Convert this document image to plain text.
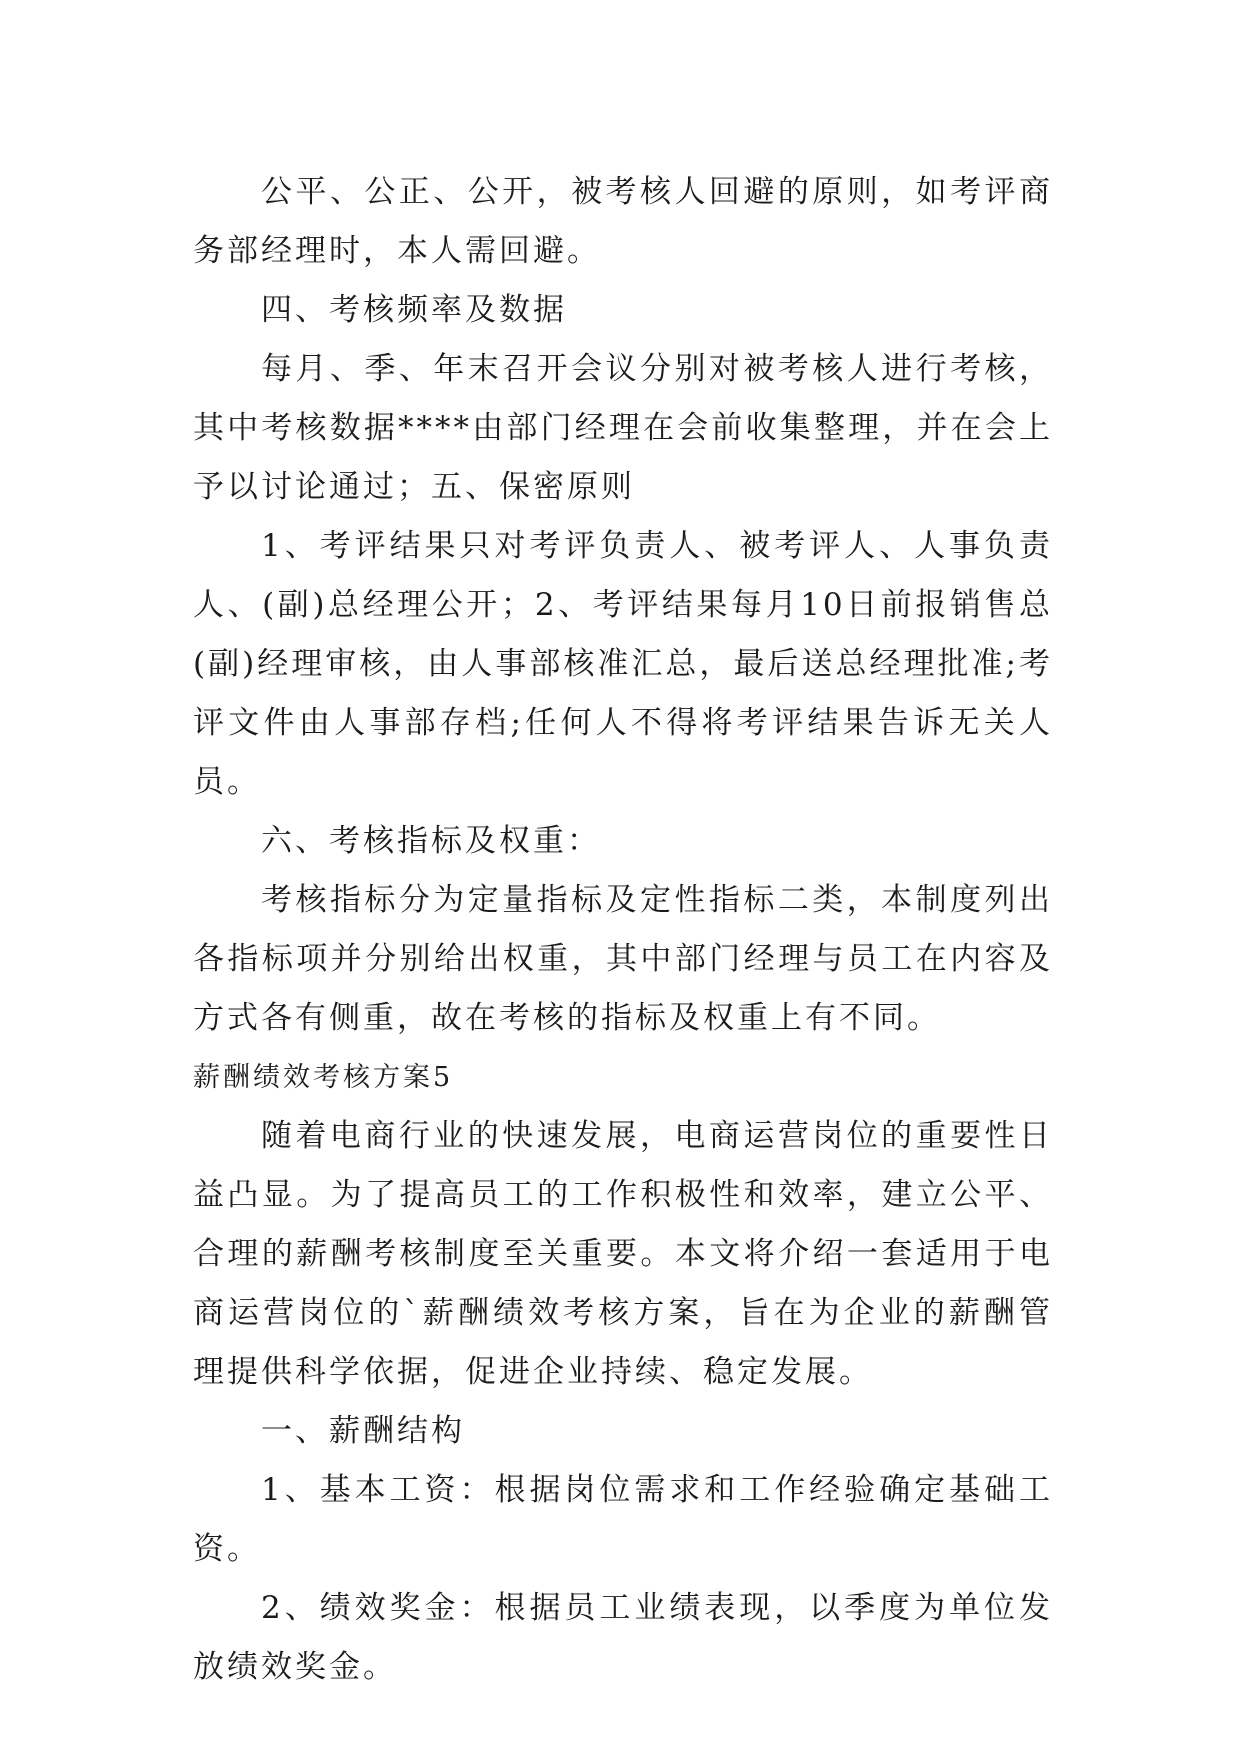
公平、公正、公开，被考核人回避的原则，如考评商务部经理时，本人需回避。

四、考核频率及数据

每月、季、年末召开会议分别对被考核人进行考核，其中考核数据****由部门经理在会前收集整理，并在会上予以讨论通过；五、保密原则

1、考评结果只对考评负责人、被考评人、人事负责人、(副)总经理公开；2、考评结果每月10日前报销售总(副)经理审核，由人事部核准汇总，最后送总经理批准;考评文件由人事部存档;任何人不得将考评结果告诉无关人员。

六、考核指标及权重：

考核指标分为定量指标及定性指标二类，本制度列出各指标项并分别给出权重，其中部门经理与员工在内容及方式各有侧重，故在考核的指标及权重上有不同。

薪酬绩效考核方案5

随着电商行业的快速发展，电商运营岗位的重要性日益凸显。为了提高员工的工作积极性和效率，建立公平、合理的薪酬考核制度至关重要。本文将介绍一套适用于电商运营岗位的`薪酬绩效考核方案，旨在为企业的薪酬管理提供科学依据，促进企业持续、稳定发展。

一、薪酬结构

1、基本工资：根据岗位需求和工作经验确定基础工资。

2、绩效奖金：根据员工业绩表现，以季度为单位发放绩效奖金。
